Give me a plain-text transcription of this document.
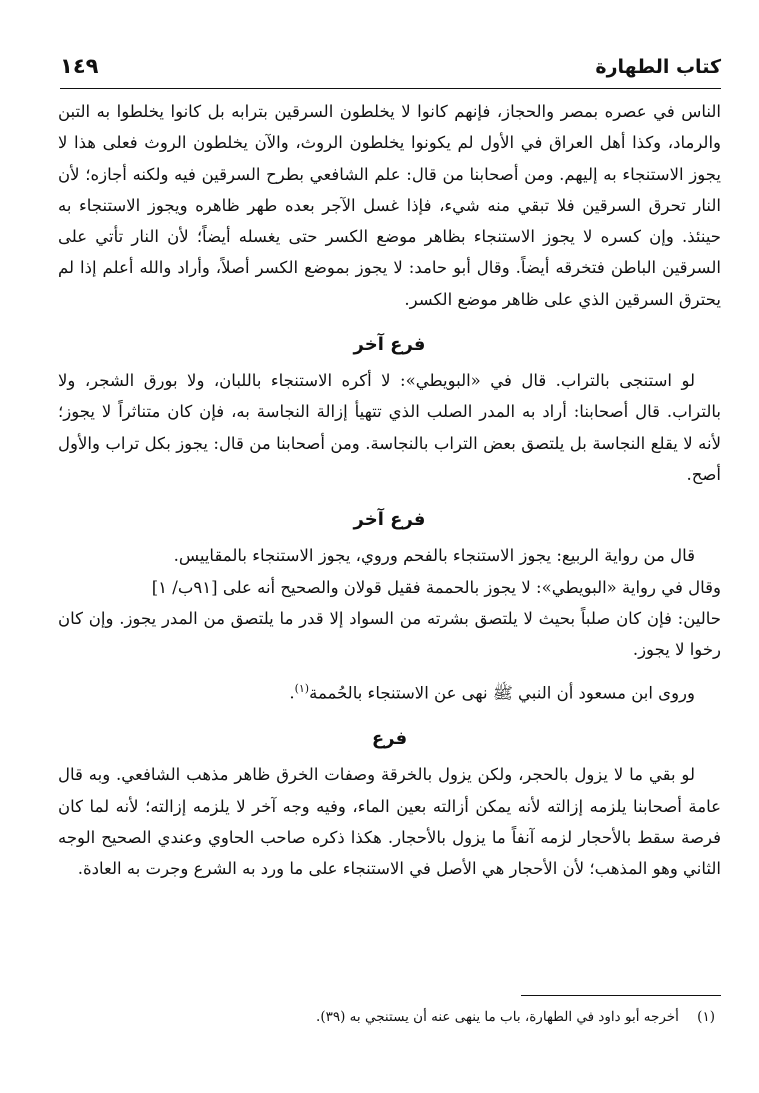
كتاب الطهارة
١٤٩

الناس في عصره بمصر والحجاز، فإنهم كانوا لا يخلطون السرقين بترابه بل كانوا يخلطوا به التبن والرماد، وكذا أهل العراق في الأول لم يكونوا يخلطون الروث، والآن يخلطون الروث فعلى هذا لا يجوز الاستنجاء به إليهم. ومن أصحابنا من قال: علم الشافعي بطرح السرقين فيه ولكنه أجازه؛ لأن النار تحرق السرقين فلا تبقي منه شيء، فإذا غسل الآجر بعده طهر ظاهره ويجوز الاستنجاء به حينئذ. وإن كسره لا يجوز الاستنجاء بظاهر موضع الكسر حتى يغسله أيضاً؛ لأن النار تأتي على السرقين الباطن فتخرقه أيضاً. وقال أبو حامد: لا يجوز بموضع الكسر أصلاً، وأراد والله أعلم إذا لم يحترق السرقين الذي على ظاهر موضع الكسر.

فرع آخر

لو استنجى بالتراب. قال في «البويطي»: لا أكره الاستنجاء باللبان، ولا بورق الشجر، ولا بالتراب. قال أصحابنا: أراد به المدر الصلب الذي تتهيأ إزالة النجاسة به، فإن كان متناثراً لا يجوز؛ لأنه لا يقلع النجاسة بل يلتصق بعض التراب بالنجاسة. ومن أصحابنا من قال: يجوز بكل تراب والأول أصح.

فرع آخر

قال من رواية الربيع: يجوز الاستنجاء بالفحم وروي، يجوز الاستنجاء بالمقاييس.

وقال في رواية «البويطي»: لا يجوز بالحممة فقيل قولان والصحيح أنه على [٩١ب/ ١]

حالين: فإن كان صلباً بحيث لا يلتصق بشرته من السواد إلا قدر ما يلتصق من المدر يجوز. وإن كان رخوا لا يجوز.

وروى ابن مسعود أن النبي ﷺ نهى عن الاستنجاء بالحُممة$^{(١)}$.

فرع

لو بقي ما لا يزول بالحجر، ولكن يزول بالخرقة وصفات الخرق ظاهر مذهب الشافعي. وبه قال عامة أصحابنا يلزمه إزالته لأنه يمكن أزالته بعين الماء، وفيه وجه آخر لا يلزمه إزالته؛ لأنه لما كان فرصة سقط بالأحجار لزمه آنفاً ما يزول بالأحجار. هكذا ذكره صاحب الحاوي وعندي الصحيح الوجه الثاني وهو المذهب؛ لأن الأحجار هي الأصل في الاستنجاء على ما ورد به الشرع وجرت به العادة.

(١) أخرجه أبو داود في الطهارة، باب ما ينهى عنه أن يستنجي به (٣٩).
